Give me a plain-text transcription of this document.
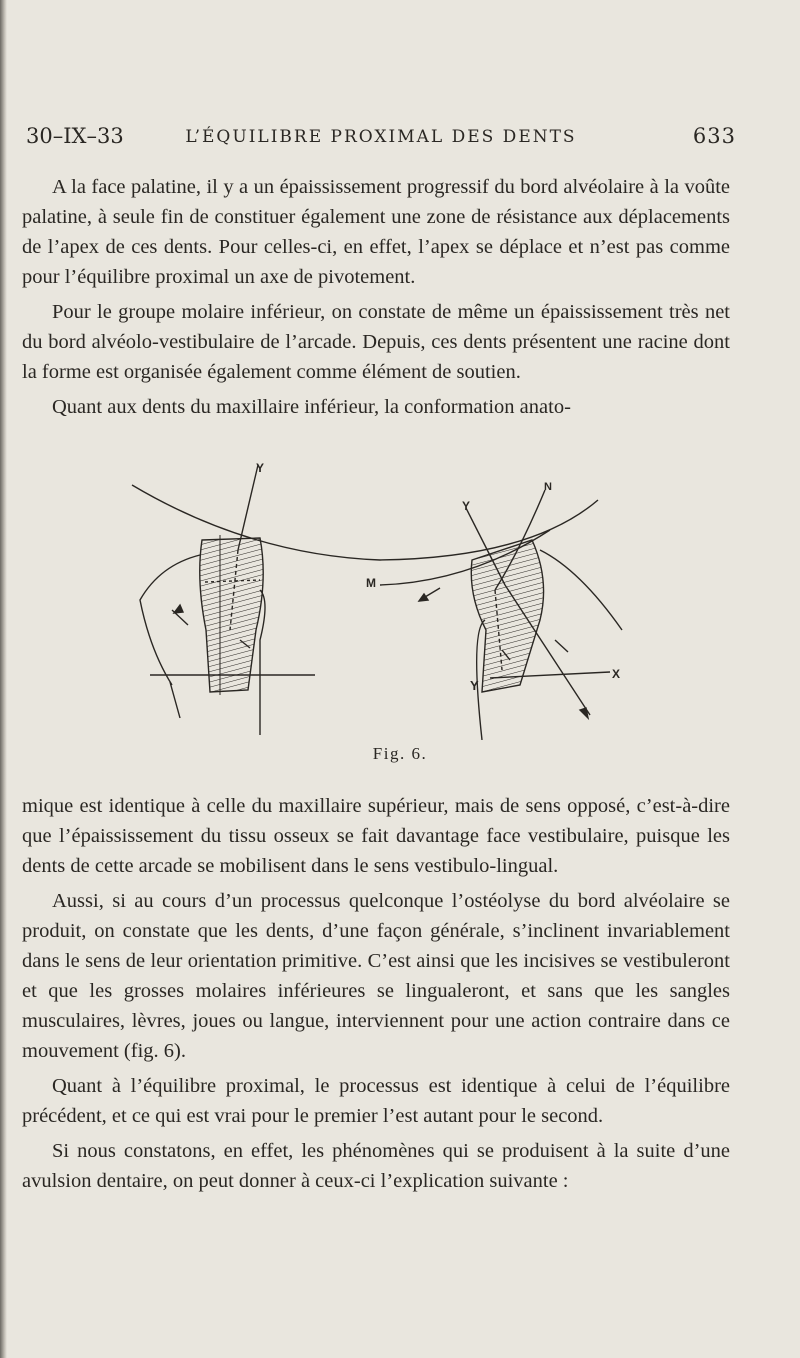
30–IX–33	L’ÉQUILIBRE PROXIMAL DES DENTS	633

A la face palatine, il y a un épaississement progressif du bord alvéolaire à la voûte palatine, à seule fin de constituer également une zone de résistance aux déplacements de l’apex de ces dents. Pour celles-ci, en effet, l’apex se déplace et n’est pas comme pour l’équilibre proximal un axe de pivotement.

Pour le groupe molaire inférieur, on constate de même un épaississement très net du bord alvéolo-vestibulaire de l’arcade. Depuis, ces dents présentent une racine dont la forme est organisée également comme élément de soutien.

Quant aux dents du maxillaire inférieur, la conformation anato-

Y
Y
N
M
Y
X
Fig. 6.

mique est identique à celle du maxillaire supérieur, mais de sens opposé, c’est-à-dire que l’épaississement du tissu osseux se fait davantage face vestibulaire, puisque les dents de cette arcade se mobilisent dans le sens vestibulo-lingual.

Aussi, si au cours d’un processus quelconque l’ostéolyse du bord alvéolaire se produit, on constate que les dents, d’une façon générale, s’inclinent invariablement dans le sens de leur orientation primitive. C’est ainsi que les incisives se vestibuleront et que les grosses molaires inférieures se lingualeront, et sans que les sangles musculaires, lèvres, joues ou langue, interviennent pour une action contraire dans ce mouvement (fig. 6).

Quant à l’équilibre proximal, le processus est identique à celui de l’équilibre précédent, et ce qui est vrai pour le premier l’est autant pour le second.

Si nous constatons, en effet, les phénomènes qui se produisent à la suite d’une avulsion dentaire, on peut donner à ceux-ci l’explication suivante :
